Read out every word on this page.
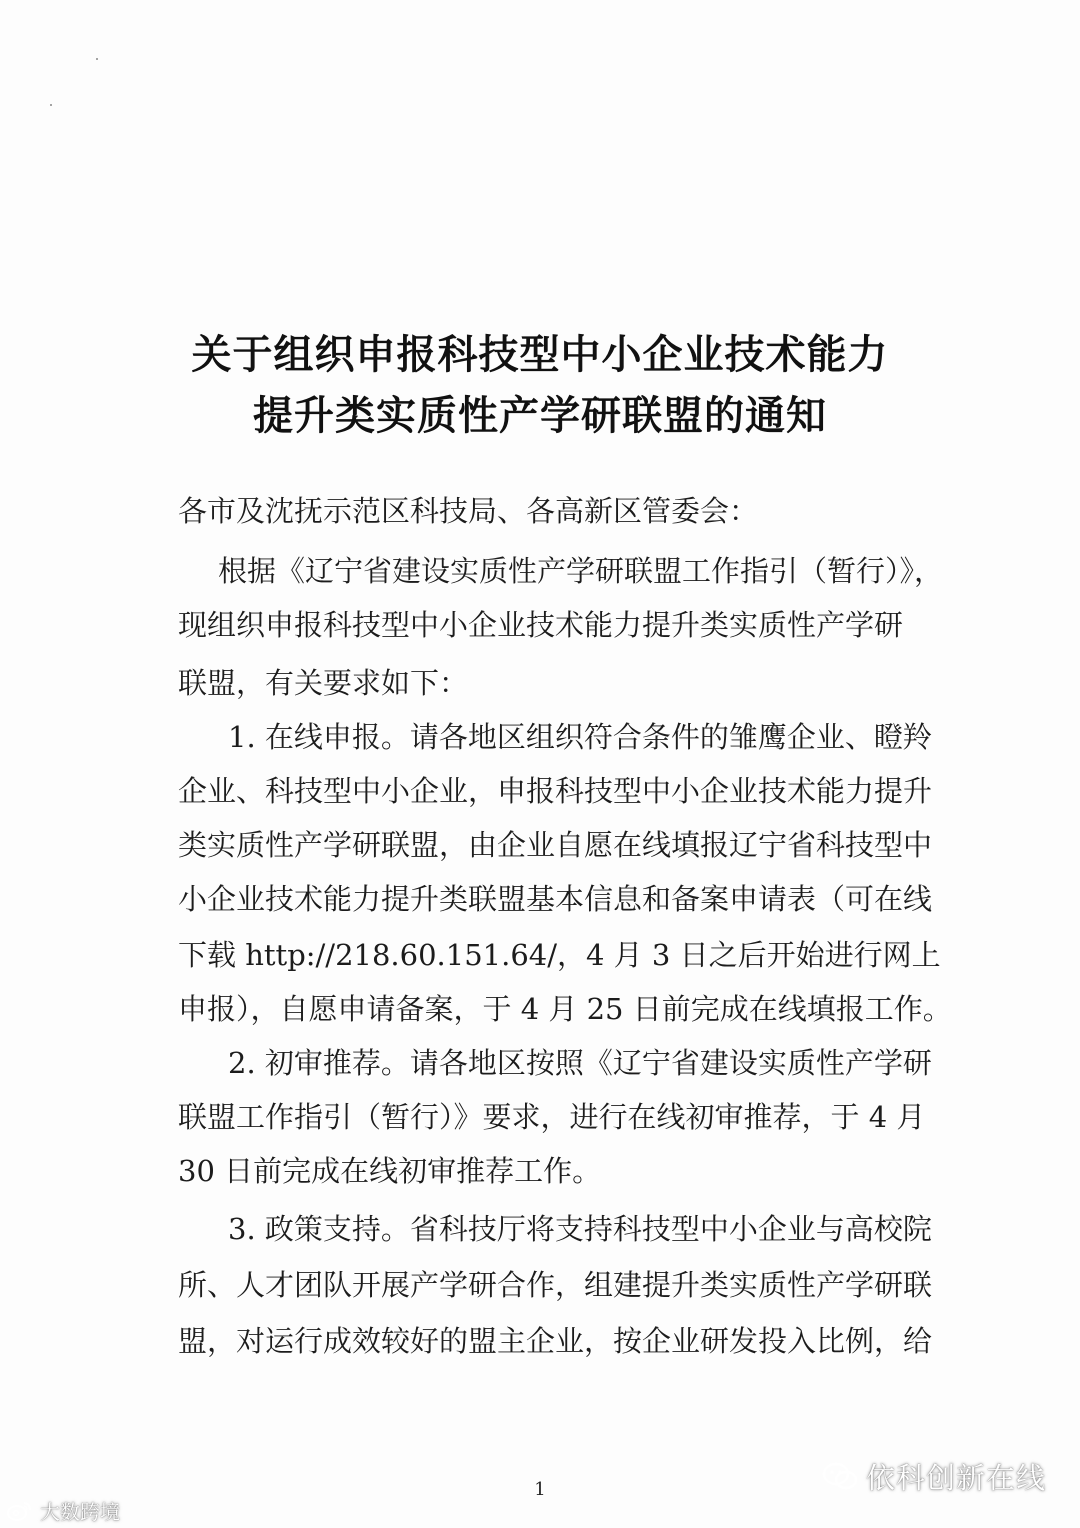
关于组织申报科技型中小企业技术能力
提升类实质性产学研联盟的通知
各市及沈抚示范区科技局、各高新区管委会：
根据《辽宁省建设实质性产学研联盟工作指引（暂行）》，
现组织申报科技型中小企业技术能力提升类实质性产学研
联盟，有关要求如下：
1. 在线申报。请各地区组织符合条件的雏鹰企业、瞪羚
企业、科技型中小企业，申报科技型中小企业技术能力提升
类实质性产学研联盟，由企业自愿在线填报辽宁省科技型中
小企业技术能力提升类联盟基本信息和备案申请表（可在线
下载 http://218.60.151.64/，4 月 3 日之后开始进行网上
申报），自愿申请备案，于 4 月 25 日前完成在线填报工作。
2. 初审推荐。请各地区按照《辽宁省建设实质性产学研
联盟工作指引（暂行）》要求，进行在线初审推荐，于 4 月
30 日前完成在线初审推荐工作。
3. 政策支持。省科技厅将支持科技型中小企业与高校院
所、人才团队开展产学研合作，组建提升类实质性产学研联
盟，对运行成效较好的盟主企业，按企业研发投入比例，给
1	依科创新在线
大数跨境
